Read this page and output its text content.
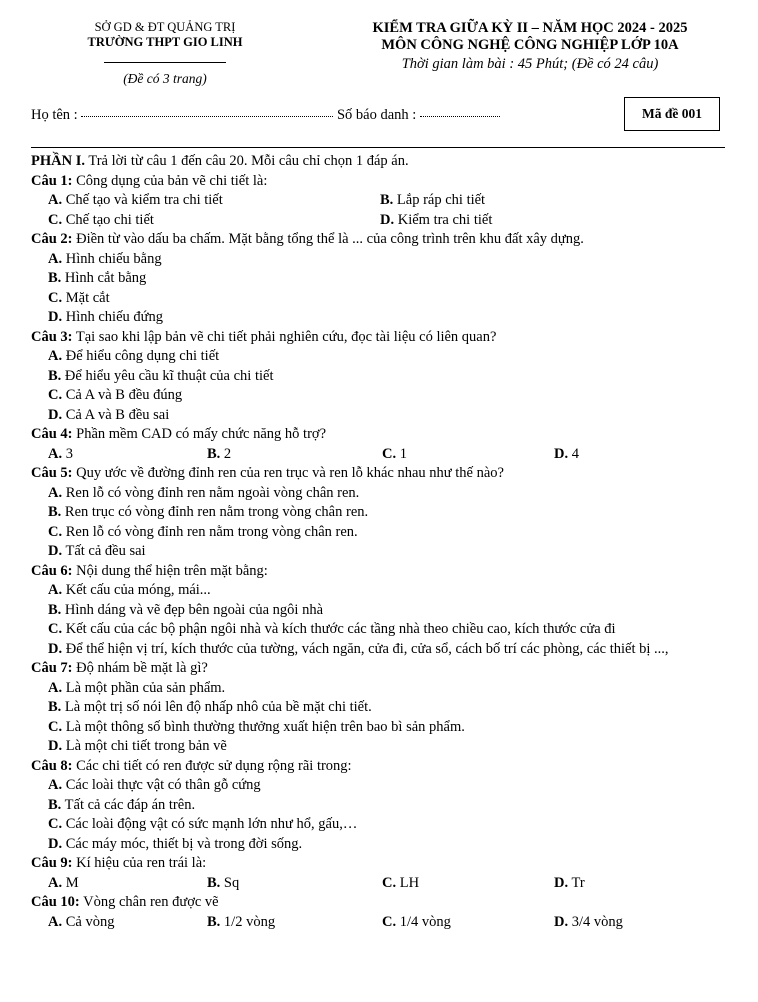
SỞ GD & ĐT QUẢNG TRỊ
TRƯỜNG THPT GIO LINH
(Đề có 3 trang)
KIỂM TRA GIỮA KỲ II – NĂM HỌC 2024 - 2025
MÔN CÔNG NGHỆ CÔNG NGHIỆP LỚP 10A
Thời gian làm bài : 45 Phút; (Đề có 24 câu)
Họ tên :	Số báo danh :	Mã đề 001
PHẦN I. Trả lời từ câu 1 đến câu 20. Mỗi câu chỉ chọn 1 đáp án.
Câu 1: Công dụng của bản vẽ chi tiết là:
A. Chế tạo và kiểm tra chi tiết	B. Lắp ráp chi tiết
C. Chế tạo chi tiết	D. Kiểm tra chi tiết
Câu 2: Điền từ vào dấu ba chấm. Mặt bằng tổng thể là ... của công trình trên khu đất xây dựng.
A. Hình chiếu bằng
B. Hình cắt bằng
C. Mặt cắt
D. Hình chiếu đứng
Câu 3: Tại sao khi lập bản vẽ chi tiết phải nghiên cứu, đọc tài liệu có liên quan?
A. Để hiểu công dụng chi tiết
B. Để hiểu yêu cầu kĩ thuật của chi tiết
C. Cả A và B đều đúng
D. Cả A và B đều sai
Câu 4: Phần mềm CAD có mấy chức năng hỗ trợ?
A. 3	B. 2	C. 1	D. 4
Câu 5: Quy ước về đường đỉnh ren của ren trục và ren lỗ khác nhau như thế nào?
A. Ren lỗ có vòng đỉnh ren nằm ngoài vòng chân ren.
B. Ren trục có vòng đỉnh ren nằm trong vòng chân ren.
C. Ren lỗ có vòng đỉnh ren nằm trong vòng chân ren.
D. Tất cả đều sai
Câu 6: Nội dung thể hiện trên mặt bằng:
A. Kết cấu của móng, mái...
B. Hình dáng và vẽ đẹp bên ngoài của ngôi nhà
C. Kết cấu của các bộ phận ngôi nhà và kích thước các tầng nhà theo chiều cao, kích thước cửa đi
D. Để thể hiện vị trí, kích thước của tường, vách ngăn, cửa đi, cửa sổ, cách bố trí các phòng, các thiết bị ...,
Câu 7: Độ nhám bề mặt là gì?
A. Là một phần của sản phẩm.
B. Là một trị số nói lên độ nhấp nhô của bề mặt chi tiết.
C. Là một thông số bình thường thưởng xuất hiện trên bao bì sản phẩm.
D. Là một chi tiết trong bản vẽ
Câu 8: Các chi tiết có ren được sử dụng rộng rãi trong:
A. Các loài thực vật có thân gỗ cứng
B. Tất cả các đáp án trên.
C. Các loài động vật có sức mạnh lớn như hổ, gấu,…
D. Các máy móc, thiết bị và trong đời sống.
Câu 9: Kí hiệu của ren trái là:
A. M	B. Sq	C. LH	D. Tr
Câu 10: Vòng chân ren được vẽ
A. Cả vòng	B. 1/2 vòng	C. 1/4 vòng	D. 3/4 vòng
